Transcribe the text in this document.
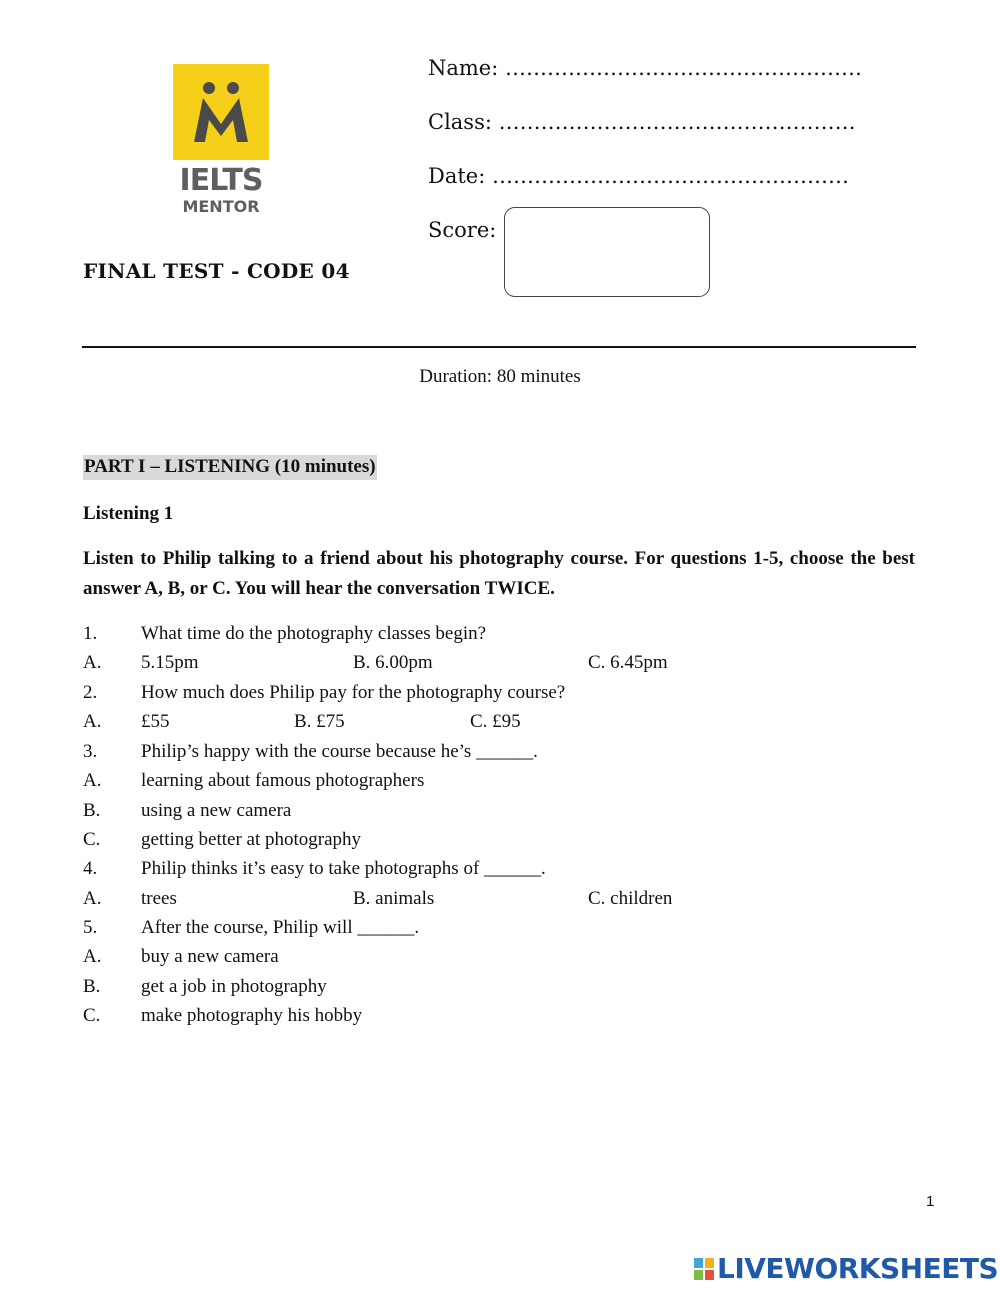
IELTS
MENTOR
FINAL TEST - CODE 04
Name: ……………………………………………
Class: ……………………………………………
Date: ……………………………………………
Score:
Duration: 80 minutes
PART I – LISTENING (10 minutes)
Listening 1
Listen to Philip talking to a friend about his photography course. For questions 1-5, choose the best answer A, B, or C. You will hear the conversation TWICE.
1. What time do the photography classes begin?
A. 5.15pm	B. 6.00pm	C. 6.45pm
2. How much does Philip pay for the photography course?
A. £55	B. £75	C. £95
3. Philip’s happy with the course because he’s ______.
A. learning about famous photographers
B. using a new camera
C. getting better at photography
4. Philip thinks it’s easy to take photographs of ______.
A. trees	B. animals	C. children
5. After the course, Philip will ______.
A. buy a new camera
B. get a job in photography
C. make photography his hobby
1
LIVEWORKSHEETS
